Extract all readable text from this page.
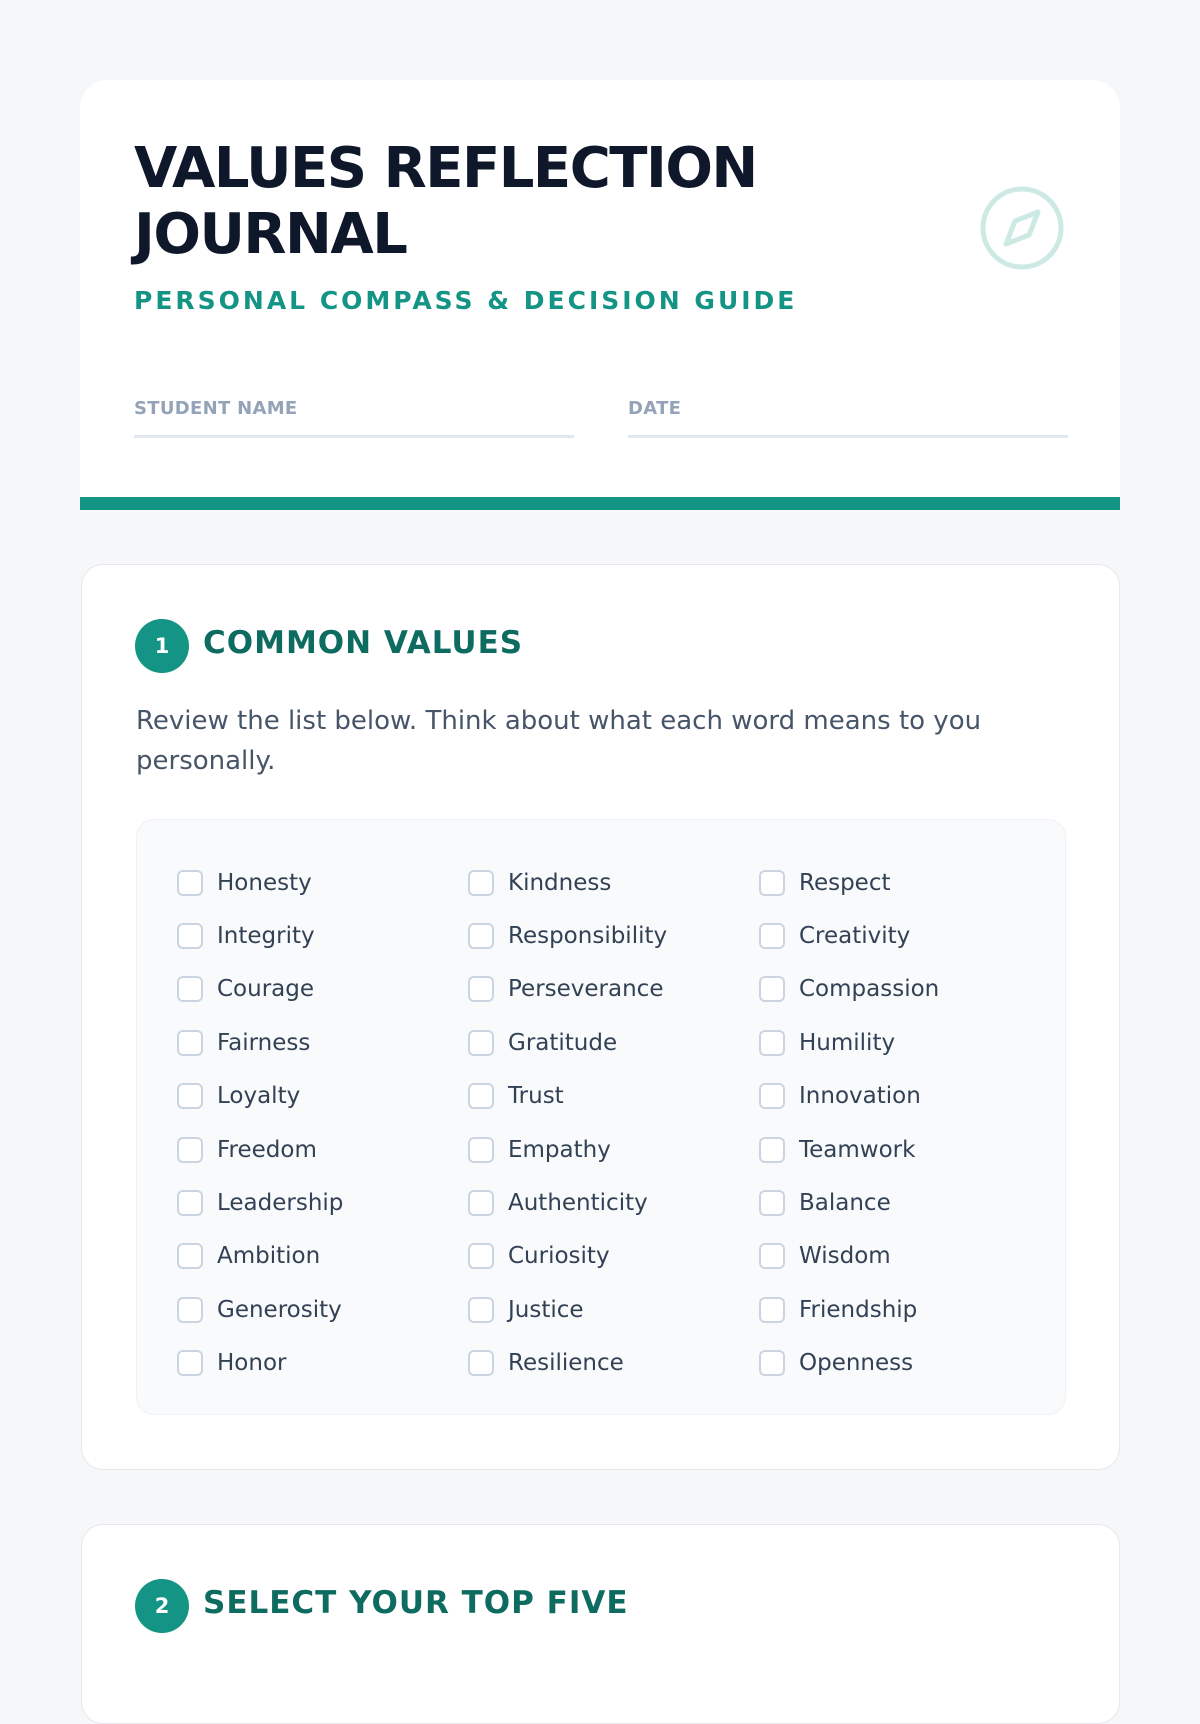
VALUES REFLECTION JOURNAL
PERSONAL COMPASS & DECISION GUIDE
STUDENT NAME	DATE
1	COMMON VALUES

Review the list below. Think about what each word means to you personally.

Honesty	Kindness	Respect
Integrity	Responsibility	Creativity
Courage	Perseverance	Compassion
Fairness	Gratitude	Humility
Loyalty	Trust	Innovation
Freedom	Empathy	Teamwork
Leadership	Authenticity	Balance
Ambition	Curiosity	Wisdom
Generosity	Justice	Friendship
Honor	Resilience	Openness
2	SELECT YOUR TOP FIVE
